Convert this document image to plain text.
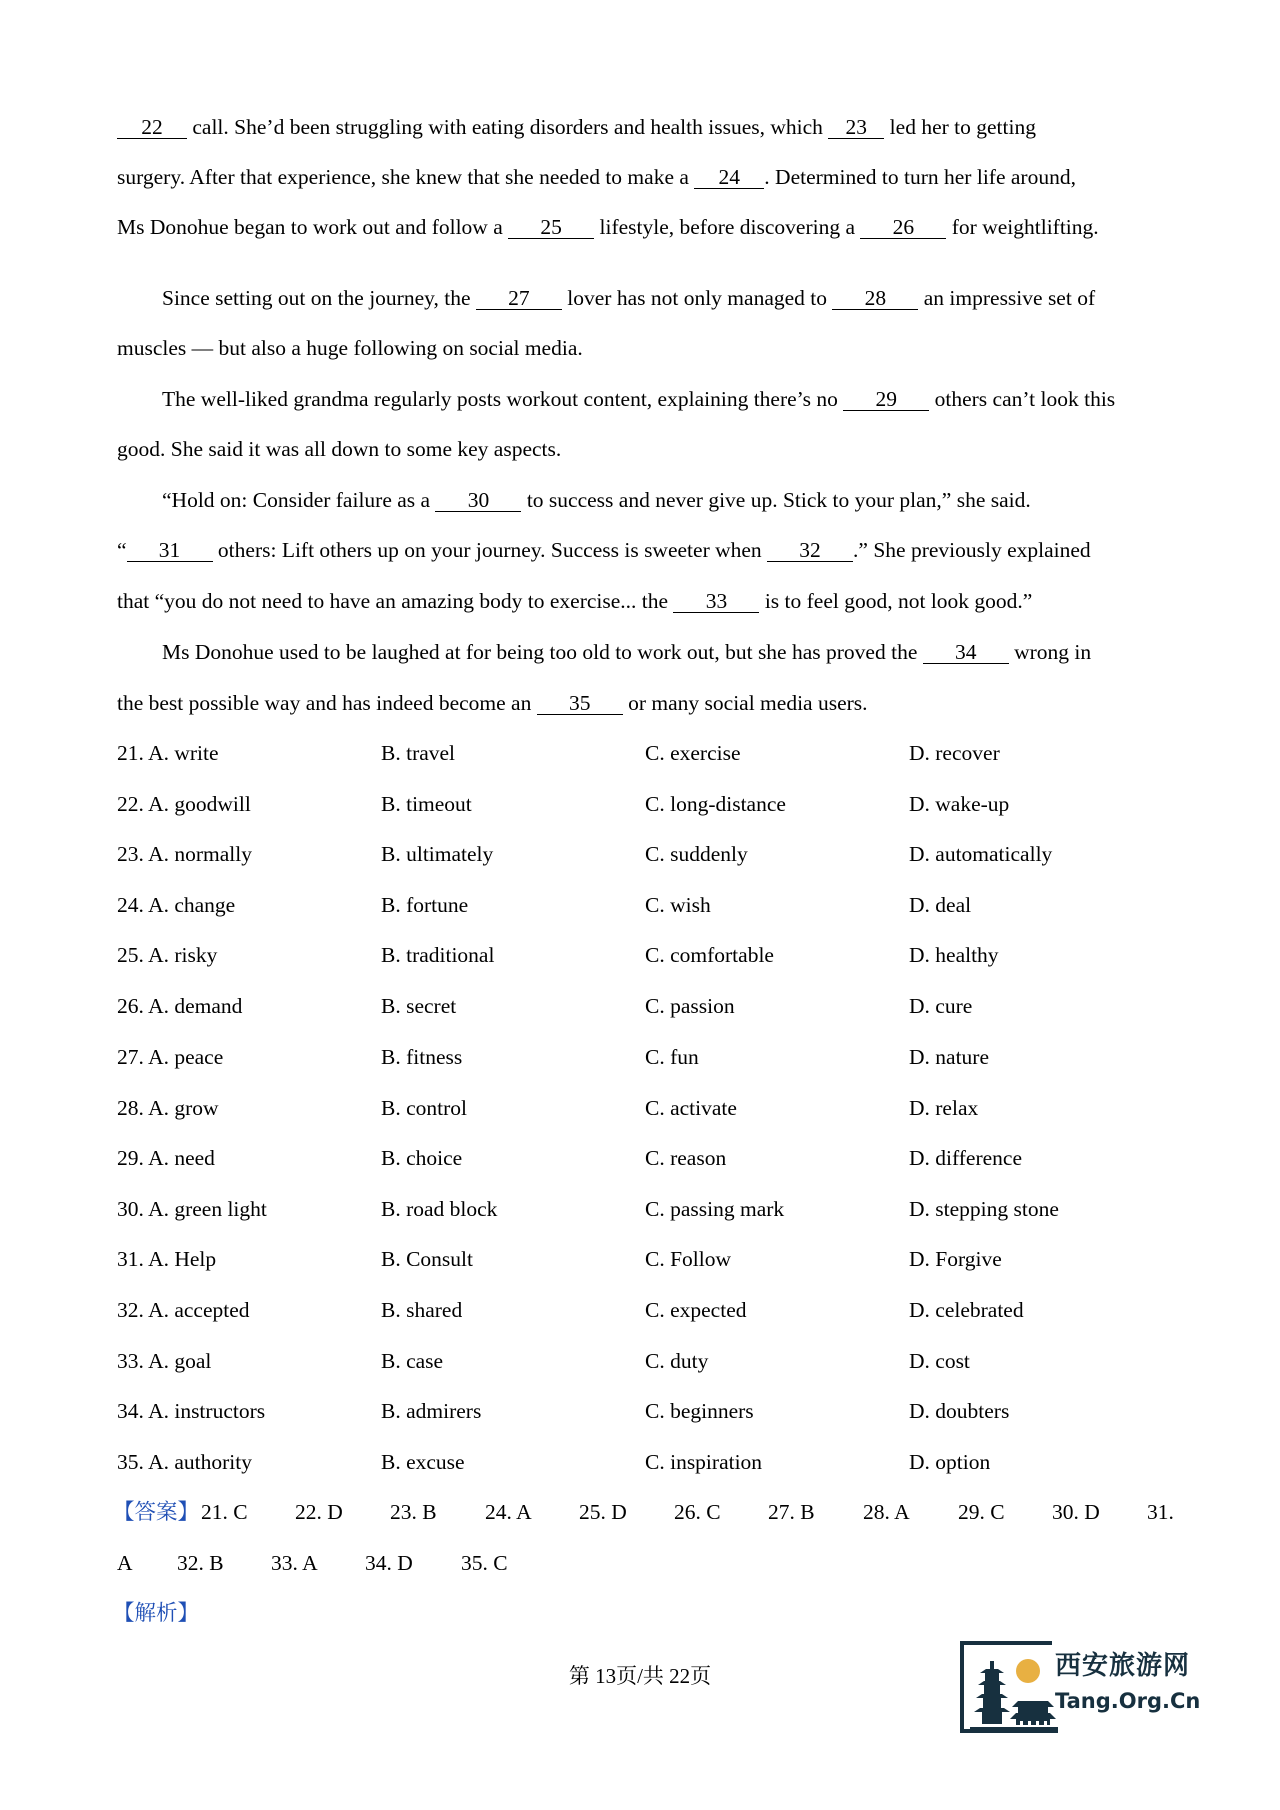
22 call. She’d been struggling with eating disorders and health issues, which 23 led her to getting
surgery. After that experience, she knew that she needed to make a 24 . Determined to turn her life around,
Ms Donohue began to work out and follow a 25 lifestyle, before discovering a 26 for weightlifting.
Since setting out on the journey, the 27 lover has not only managed to 28 an impressive set of
muscles — but also a huge following on social media.
The well-liked grandma regularly posts workout content, explaining there’s no 29 others can’t look this
good. She said it was all down to some key aspects.
“Hold on: Consider failure as a 30 to success and never give up. Stick to your plan,” she said.
“ 31 others: Lift others up on your journey. Success is sweeter when 32 .” She previously explained
that “you do not need to have an amazing body to exercise... the 33 is to feel good, not look good.”
Ms Donohue used to be laughed at for being too old to work out, but she has proved the 34 wrong in
the best possible way and has indeed become an 35 or many social media users.
21. A. write	B. travel	C. exercise	D. recover
22. A. goodwill	B. timeout	C. long-distance	D. wake-up
23. A. normally	B. ultimately	C. suddenly	D. automatically
24. A. change	B. fortune	C. wish	D. deal
25. A. risky	B. traditional	C. comfortable	D. healthy
26. A. demand	B. secret	C. passion	D. cure
27. A. peace	B. fitness	C. fun	D. nature
28. A. grow	B. control	C. activate	D. relax
29. A. need	B. choice	C. reason	D. difference
30. A. green light	B. road block	C. passing mark	D. stepping stone
31. A. Help	B. Consult	C. Follow	D. Forgive
32. A. accepted	B. shared	C. expected	D. celebrated
33. A. goal	B. case	C. duty	D. cost
34. A. instructors	B. admirers	C. beginners	D. doubters
35. A. authority	B. excuse	C. inspiration	D. option
【答案】 21. C 22. D 23. B 24. A 25. D 26. C 27. B 28. A 29. C 30. D 31.
A 32. B 33. A 34. D 35. C
【解析】
第 13页/共 22页	西安旅游网
Tang.Org.Cn
